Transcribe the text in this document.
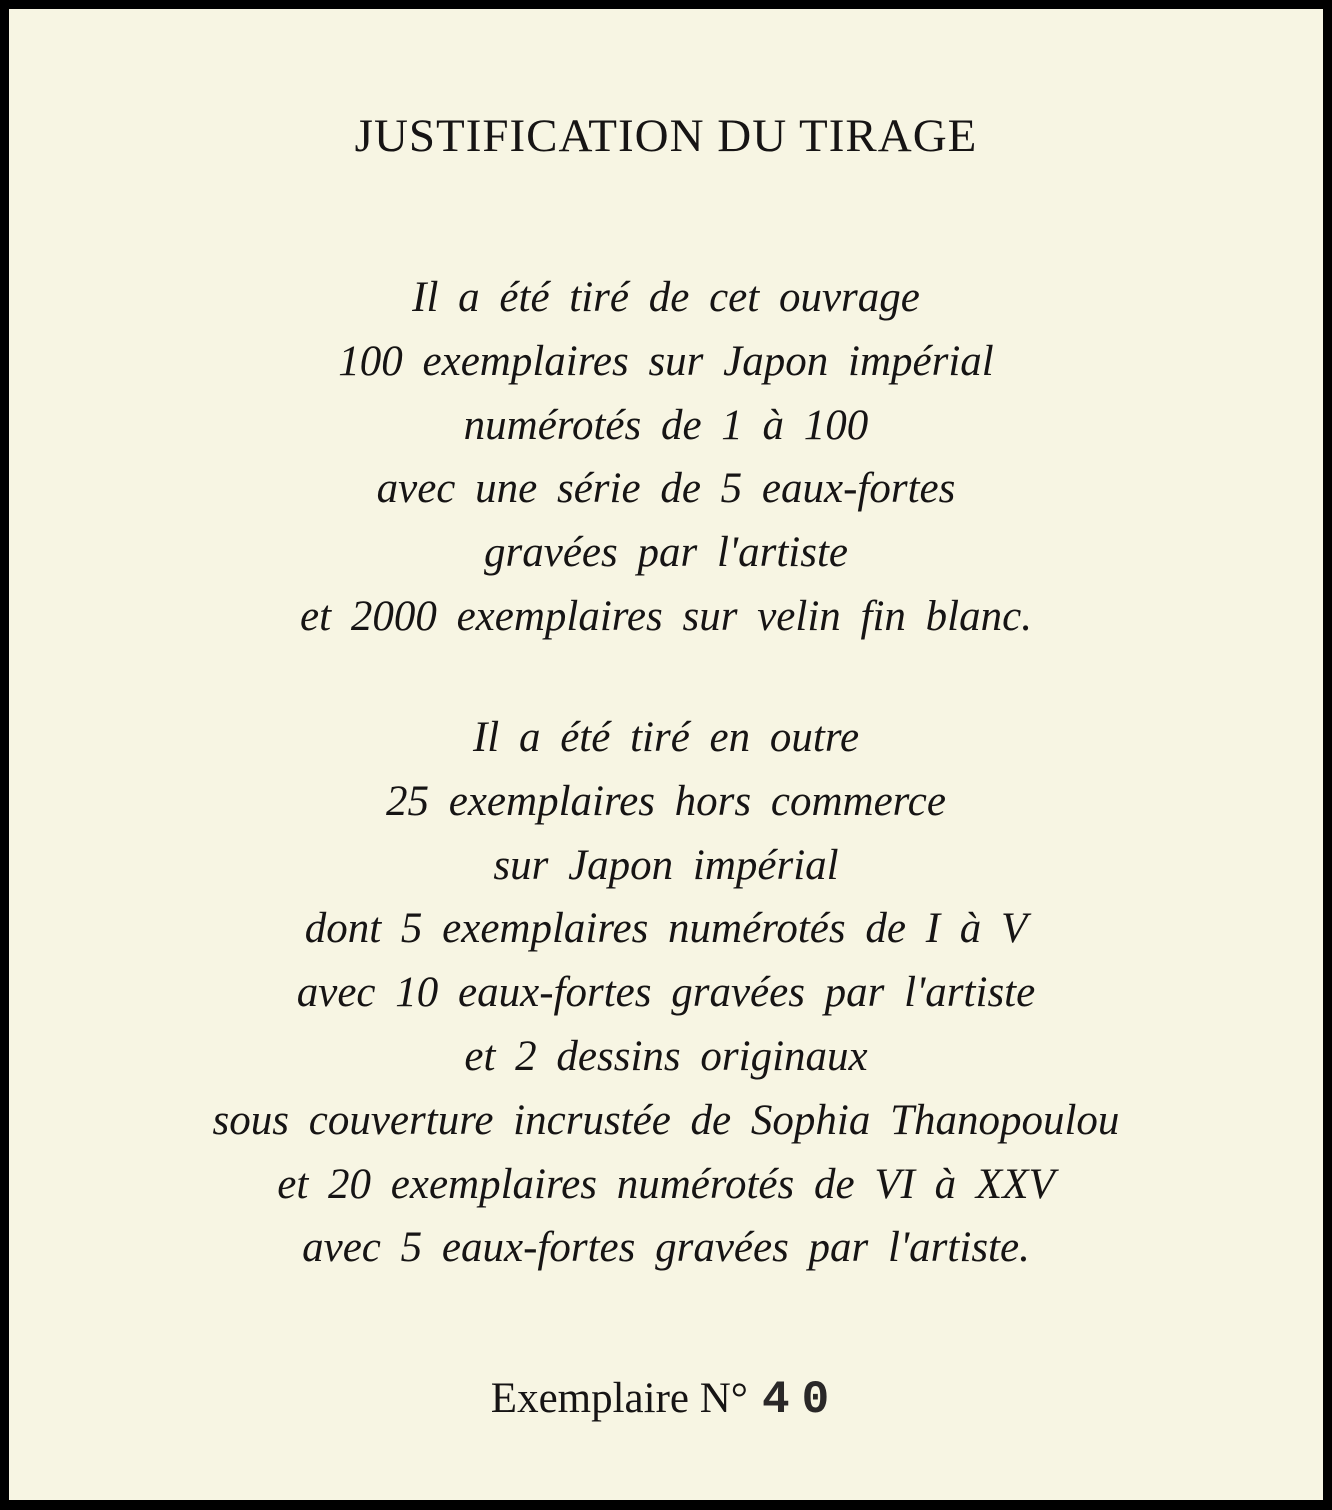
JUSTIFICATION DU TIRAGE
Il a été tiré de cet ouvrage
100 exemplaires sur Japon impérial
numérotés de 1 à 100
avec une série de 5 eaux-fortes
gravées par l'artiste
et 2000 exemplaires sur velin fin blanc.
Il a été tiré en outre
25 exemplaires hors commerce
sur Japon impérial
dont 5 exemplaires numérotés de I à V
avec 10 eaux-fortes gravées par l'artiste
et 2 dessins originaux
sous couverture incrustée de Sophia Thanopoulou
et 20 exemplaires numérotés de VI à XXV
avec 5 eaux-fortes gravées par l'artiste.
Exemplaire N° 40
